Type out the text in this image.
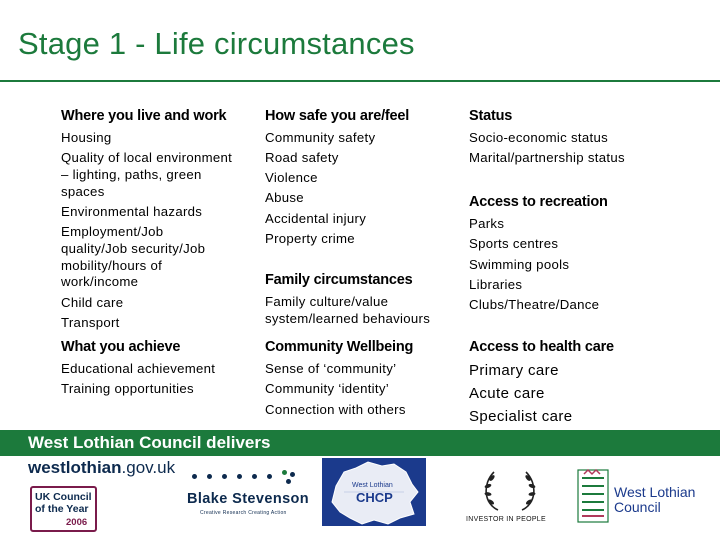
Stage 1 - Life circumstances
Where you live and work
Housing
Quality of local environment
– lighting, paths, green
spaces
Environmental hazards
Employment/Job
quality/Job security/Job
mobility/hours of
work/income
Child care
Transport
What you achieve
Educational achievement
Training opportunities
How safe you are/feel
Community safety
Road safety
Violence
Abuse
Accidental injury
Property crime
Family circumstances
Family culture/value
system/learned behaviours
Community Wellbeing
Sense of ‘community’
Community ‘identity’
Connection with others
Status
Socio-economic status
Marital/partnership status
Access to recreation
Parks
Sports centres
Swimming pools
Libraries
Clubs/Theatre/Dance
Access to health care
Primary care
Acute care
Specialist care
West Lothian Council delivers
westlothian.gov.uk
UK Council
of the Year
2006
Blake Stevenson
Creative Research Creating Action
West Lothian
CHCP
INVESTOR IN PEOPLE
West Lothian
Council
